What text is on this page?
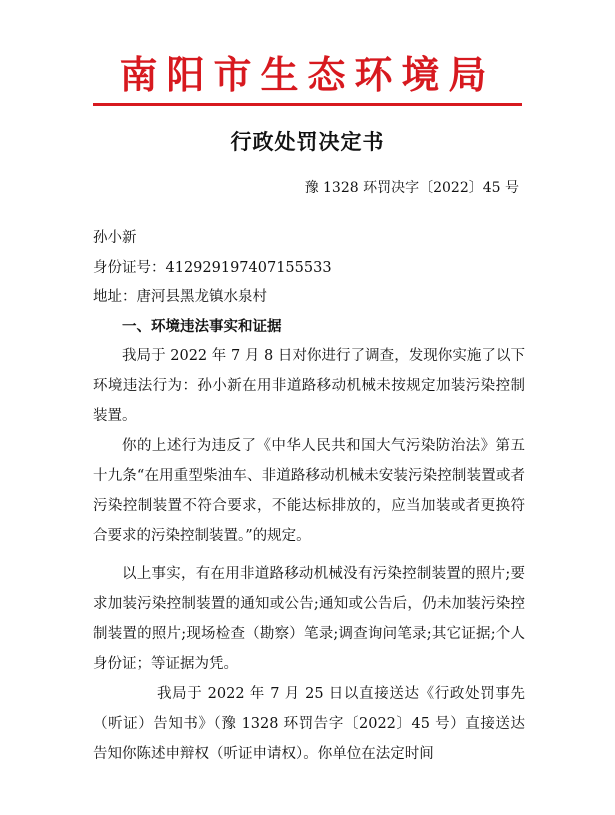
南阳市生态环境局
行政处罚决定书
豫 1328 环罚决字〔2022〕45 号
孙小新
身份证号：412929197407155533
地址：唐河县黑龙镇水泉村
一、环境违法事实和证据

我局于 2022 年 7 月 8 日对你进行了调查，发现你实施了以下环境违法行为：孙小新在用非道路移动机械未按规定加装污染控制装置。

你的上述行为违反了《中华人民共和国大气污染防治法》第五十九条“在用重型柴油车、非道路移动机械未安装污染控制装置或者污染控制装置不符合要求，不能达标排放的，应当加装或者更换符合要求的污染控制装置。”的规定。

以上事实，有在用非道路移动机械没有污染控制装置的照片;要求加装污染控制装置的通知或公告;通知或公告后，仍未加装污染控制装置的照片;现场检查（勘察）笔录;调查询问笔录;其它证据;个人身份证；等证据为凭。

我局于 2022 年 7 月 25 日以直接送达《行政处罚事先（听证）告知书》（豫 1328 环罚告字〔2022〕45 号）直接送达告知你陈述申辩权（听证申请权）。你单位在法定时间
